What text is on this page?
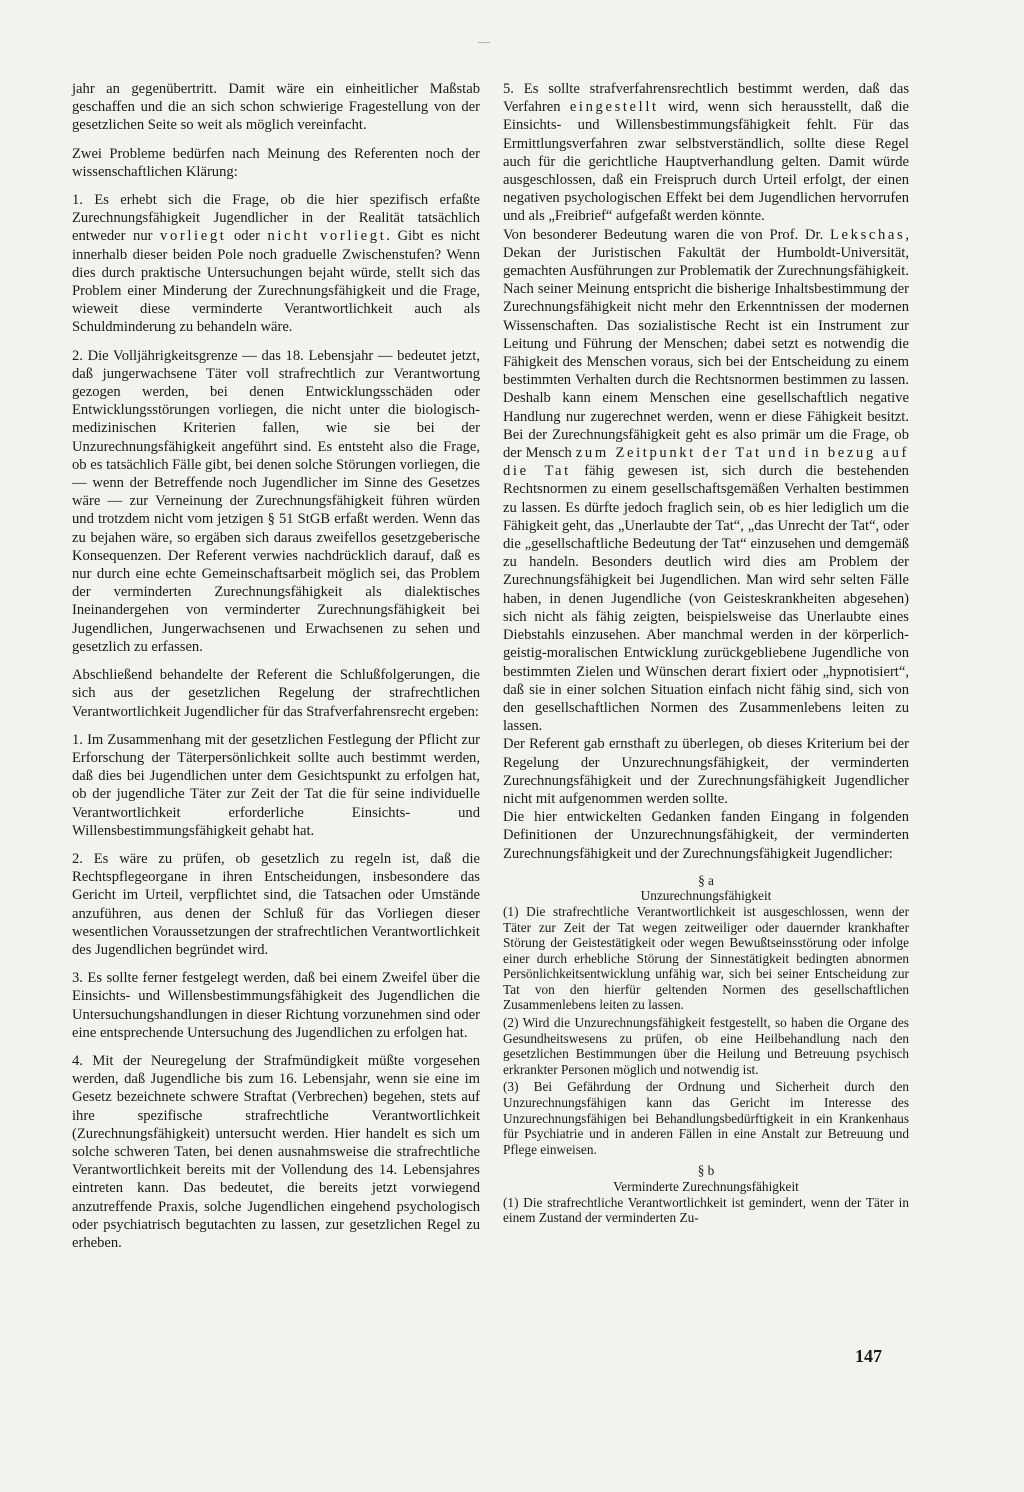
—

jahr an gegenübertritt. Damit wäre ein einheitlicher Maßstab geschaffen und die an sich schon schwierige Fragestellung von der gesetzlichen Seite so weit als möglich vereinfacht.

Zwei Probleme bedürfen nach Meinung des Referenten noch der wissenschaftlichen Klärung:

1. Es erhebt sich die Frage, ob die hier spezifisch erfaßte Zurechnungsfähigkeit Jugendlicher in der Realität tatsächlich entweder nur vorliegt oder nicht vorliegt. Gibt es nicht innerhalb dieser beiden Pole noch graduelle Zwischenstufen? Wenn dies durch praktische Untersuchungen bejaht würde, stellt sich das Problem einer Minderung der Zurechnungsfähigkeit und die Frage, wieweit diese verminderte Verantwortlichkeit auch als Schuldminderung zu behandeln wäre.

2. Die Volljährigkeitsgrenze — das 18. Lebensjahr — bedeutet jetzt, daß jungerwachsene Täter voll strafrechtlich zur Verantwortung gezogen werden, bei denen Entwicklungsschäden oder Entwicklungsstörungen vorliegen, die nicht unter die biologisch-medizinischen Kriterien fallen, wie sie bei der Unzurechnungsfähigkeit angeführt sind. Es entsteht also die Frage, ob es tatsächlich Fälle gibt, bei denen solche Störungen vorliegen, die — wenn der Betreffende noch Jugendlicher im Sinne des Gesetzes wäre — zur Verneinung der Zurechnungsfähigkeit führen würden und trotzdem nicht vom jetzigen § 51 StGB erfaßt werden. Wenn das zu bejahen wäre, so ergäben sich daraus zweifellos gesetzgeberische Konsequenzen. Der Referent verwies nachdrücklich darauf, daß es nur durch eine echte Gemeinschaftsarbeit möglich sei, das Problem der verminderten Zurechnungsfähigkeit als dialektisches Ineinandergehen von verminderter Zurechnungsfähigkeit bei Jugendlichen, Jungerwachsenen und Erwachsenen zu sehen und gesetzlich zu erfassen.

Abschließend behandelte der Referent die Schlußfolgerungen, die sich aus der gesetzlichen Regelung der strafrechtlichen Verantwortlichkeit Jugendlicher für das Strafverfahrensrecht ergeben:

1. Im Zusammenhang mit der gesetzlichen Festlegung der Pflicht zur Erforschung der Täterpersönlichkeit sollte auch bestimmt werden, daß dies bei Jugendlichen unter dem Gesichtspunkt zu erfolgen hat, ob der jugendliche Täter zur Zeit der Tat die für seine individuelle Verantwortlichkeit erforderliche Einsichts- und Willensbestimmungsfähigkeit gehabt hat.

2. Es wäre zu prüfen, ob gesetzlich zu regeln ist, daß die Rechtspflegeorgane in ihren Entscheidungen, insbesondere das Gericht im Urteil, verpflichtet sind, die Tatsachen oder Umstände anzuführen, aus denen der Schluß für das Vorliegen dieser wesentlichen Voraussetzungen der strafrechtlichen Verantwortlichkeit des Jugendlichen begründet wird.

3. Es sollte ferner festgelegt werden, daß bei einem Zweifel über die Einsichts- und Willensbestimmungsfähigkeit des Jugendlichen die Untersuchungshandlungen in dieser Richtung vorzunehmen sind oder eine entsprechende Untersuchung des Jugendlichen zu erfolgen hat.

4. Mit der Neuregelung der Strafmündigkeit müßte vorgesehen werden, daß Jugendliche bis zum 16. Lebensjahr, wenn sie eine im Gesetz bezeichnete schwere Straftat (Verbrechen) begehen, stets auf ihre spezifische strafrechtliche Verantwortlichkeit (Zurechnungsfähigkeit) untersucht werden. Hier handelt es sich um solche schweren Taten, bei denen ausnahmsweise die strafrechtliche Verantwortlichkeit bereits mit der Vollendung des 14. Lebensjahres eintreten kann. Das bedeutet, die bereits jetzt vorwiegend anzutreffende Praxis, solche Jugendlichen eingehend psychologisch oder psychiatrisch begutachten zu lassen, zur gesetzlichen Regel zu erheben.

5. Es sollte strafverfahrensrechtlich bestimmt werden, daß das Verfahren eingestellt wird, wenn sich herausstellt, daß die Einsichts- und Willensbestimmungsfähigkeit fehlt. Für das Ermittlungsverfahren zwar selbstverständlich, sollte diese Regel auch für die gerichtliche Hauptverhandlung gelten. Damit würde ausgeschlossen, daß ein Freispruch durch Urteil erfolgt, der einen negativen psychologischen Effekt bei dem Jugendlichen hervorrufen und als „Freibrief“ aufgefaßt werden könnte.

Von besonderer Bedeutung waren die von Prof. Dr. Lekschas, Dekan der Juristischen Fakultät der Humboldt-Universität, gemachten Ausführungen zur Problematik der Zurechnungsfähigkeit. Nach seiner Meinung entspricht die bisherige Inhaltsbestimmung der Zurechnungsfähigkeit nicht mehr den Erkenntnissen der modernen Wissenschaften. Das sozialistische Recht ist ein Instrument zur Leitung und Führung der Menschen; dabei setzt es notwendig die Fähigkeit des Menschen voraus, sich bei der Entscheidung zu einem bestimmten Verhalten durch die Rechtsnormen bestimmen zu lassen. Deshalb kann einem Menschen eine gesellschaftlich negative Handlung nur zugerechnet werden, wenn er diese Fähigkeit besitzt. Bei der Zurechnungsfähigkeit geht es also primär um die Frage, ob der Mensch zum Zeitpunkt der Tat und in bezug auf die Tat fähig gewesen ist, sich durch die bestehenden Rechtsnormen zu einem gesellschaftsgemäßen Verhalten bestimmen zu lassen. Es dürfte jedoch fraglich sein, ob es hier lediglich um die Fähigkeit geht, das „Unerlaubte der Tat“, „das Unrecht der Tat“, oder die „gesellschaftliche Bedeutung der Tat“ einzusehen und demgemäß zu handeln. Besonders deutlich wird dies am Problem der Zurechnungsfähigkeit bei Jugendlichen. Man wird sehr selten Fälle haben, in denen Jugendliche (von Geisteskrankheiten abgesehen) sich nicht als fähig zeigten, beispielsweise das Unerlaubte eines Diebstahls einzusehen. Aber manchmal werden in der körperlich-geistig-moralischen Entwicklung zurückgebliebene Jugendliche von bestimmten Zielen und Wünschen derart fixiert oder „hypnotisiert“, daß sie in einer solchen Situation einfach nicht fähig sind, sich von den gesellschaftlichen Normen des Zusammenlebens leiten zu lassen.

Der Referent gab ernsthaft zu überlegen, ob dieses Kriterium bei der Regelung der Unzurechnungsfähigkeit, der verminderten Zurechnungsfähigkeit und der Zurechnungsfähigkeit Jugendlicher nicht mit aufgenommen werden sollte.

Die hier entwickelten Gedanken fanden Eingang in folgenden Definitionen der Unzurechnungsfähigkeit, der verminderten Zurechnungsfähigkeit und der Zurechnungsfähigkeit Jugendlicher:

§ a

Unzurechnungsfähigkeit

(1) Die strafrechtliche Verantwortlichkeit ist ausgeschlossen, wenn der Täter zur Zeit der Tat wegen zeitweiliger oder dauernder krankhafter Störung der Geistestätigkeit oder wegen Bewußtseinsstörung oder infolge einer durch erhebliche Störung der Sinnestätigkeit bedingten abnormen Persönlichkeitsentwicklung unfähig war, sich bei seiner Entscheidung zur Tat von den hierfür geltenden Normen des gesellschaftlichen Zusammenlebens leiten zu lassen.

(2) Wird die Unzurechnungsfähigkeit festgestellt, so haben die Organe des Gesundheitswesens zu prüfen, ob eine Heilbehandlung nach den gesetzlichen Bestimmungen über die Heilung und Betreuung psychisch erkrankter Personen möglich und notwendig ist.

(3) Bei Gefährdung der Ordnung und Sicherheit durch den Unzurechnungsfähigen kann das Gericht im Interesse des Unzurechnungsfähigen bei Behandlungsbedürftigkeit in ein Krankenhaus für Psychiatrie und in anderen Fällen in eine Anstalt zur Betreuung und Pflege einweisen.

§ b

Verminderte Zurechnungsfähigkeit

(1) Die strafrechtliche Verantwortlichkeit ist gemindert, wenn der Täter in einem Zustand der verminderten Zu-

147
